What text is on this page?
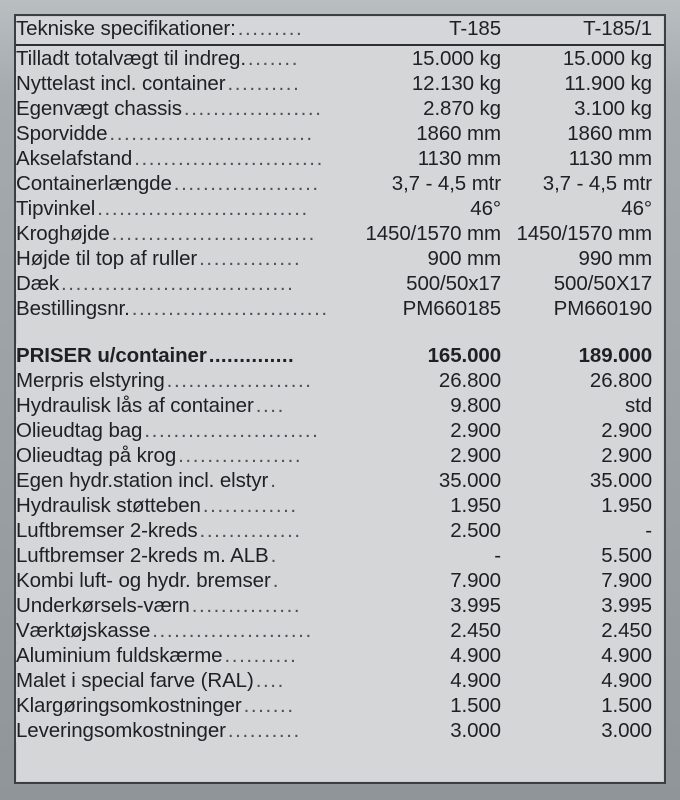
Tekniske specifikationer:.........	T-185	T-185/1

Tilladt totalvægt til indreg........	15.000 kg	15.000 kg

Nyttelast incl. container..........	12.130 kg	11.900 kg

Egenvægt chassis...................	2.870 kg	3.100 kg

Sporvidde............................	1860 mm	1860 mm

Akselafstand..........................	1130 mm	1130 mm

Containerlængde....................	3,7 - 4,5 mtr	3,7 - 4,5 mtr

Tipvinkel.............................	46°	46°

Kroghøjde............................	1450/1570 mm	1450/1570 mm

Højde til top af ruller..............	900 mm	990 mm

Dæk................................	500/50x17	500/50X17

Bestillingsnr............................	PM660185	PM660190

PRISER u/container..............	165.000	189.000

Merpris elstyring....................	26.800	26.800

Hydraulisk lås af container....	9.800	std

Olieudtag bag........................	2.900	2.900

Olieudtag på krog.................	2.900	2.900

Egen hydr.station incl. elstyr.	35.000	35.000

Hydraulisk støtteben.............	1.950	1.950

Luftbremser 2-kreds..............	2.500	-

Luftbremser 2-kreds m. ALB.	-	5.500

Kombi luft- og hydr. bremser.	7.900	7.900

Underkørsels-værn...............	3.995	3.995

Værktøjskasse......................	2.450	2.450

Aluminium fuldskærme..........	4.900	4.900

Malet i special farve (RAL)....	4.900	4.900

Klargøringsomkostninger.......	1.500	1.500

Leveringsomkostninger..........	3.000	3.000
